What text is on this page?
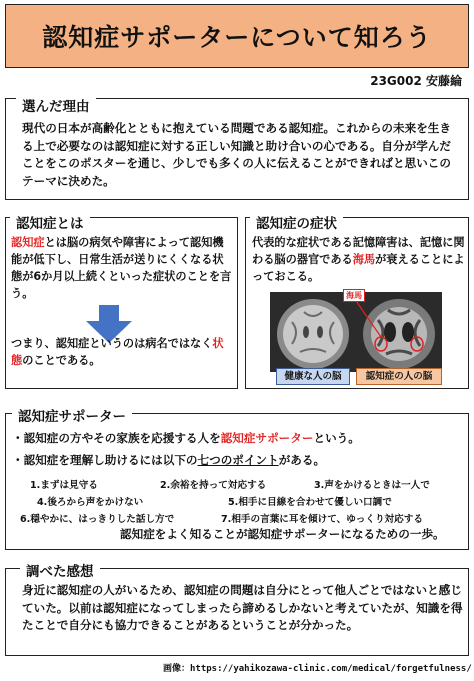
認知症サポーターについて知ろう
23G002 安藤綸
選んだ理由
現代の日本が高齢化とともに抱えている問題である認知症。これからの未来を生きる上で必要なのは認知症に対する正しい知識と助け合いの心である。自分が学んだことをこのポスターを通じ、少しでも多くの人に伝えることができればと思いこのテーマに決めた。
認知症とは
認知症とは脳の病気や障害によって認知機能が低下し、日常生活が送りにくくなる状態が6か月以上続くといった症状のことを言う。
つまり、認知症というのは病名ではなく状態のことである。
認知症の症状
代表的な症状である記憶障害は、記憶に関わる脳の器官である海馬が衰えることによっておこる。
海馬
健康な人の脳	認知症の人の脳
認知症サポーター
・認知症の方やその家族を応援する人を認知症サポーターという。
・認知症を理解し助けるには以下の七つのポイントがある。
1.まずは見守る	2.余裕を持って対応する	3.声をかけるときは一人で
4.後ろから声をかけない	5.相手に目線を合わせて優しい口調で
6.穏やかに、はっきりした話し方で	7.相手の言葉に耳を傾けて、ゆっくり対応する
認知症をよく知ることが認知症サポーターになるための一歩。
調べた感想
身近に認知症の人がいるため、認知症の問題は自分にとって他人ごとではないと感じていた。以前は認知症になってしまったら諦めるしかないと考えていたが、知識を得たことで自分にも協力できることがあるということが分かった。
画像：https://yahikozawa-clinic.com/medical/forgetfulness/
